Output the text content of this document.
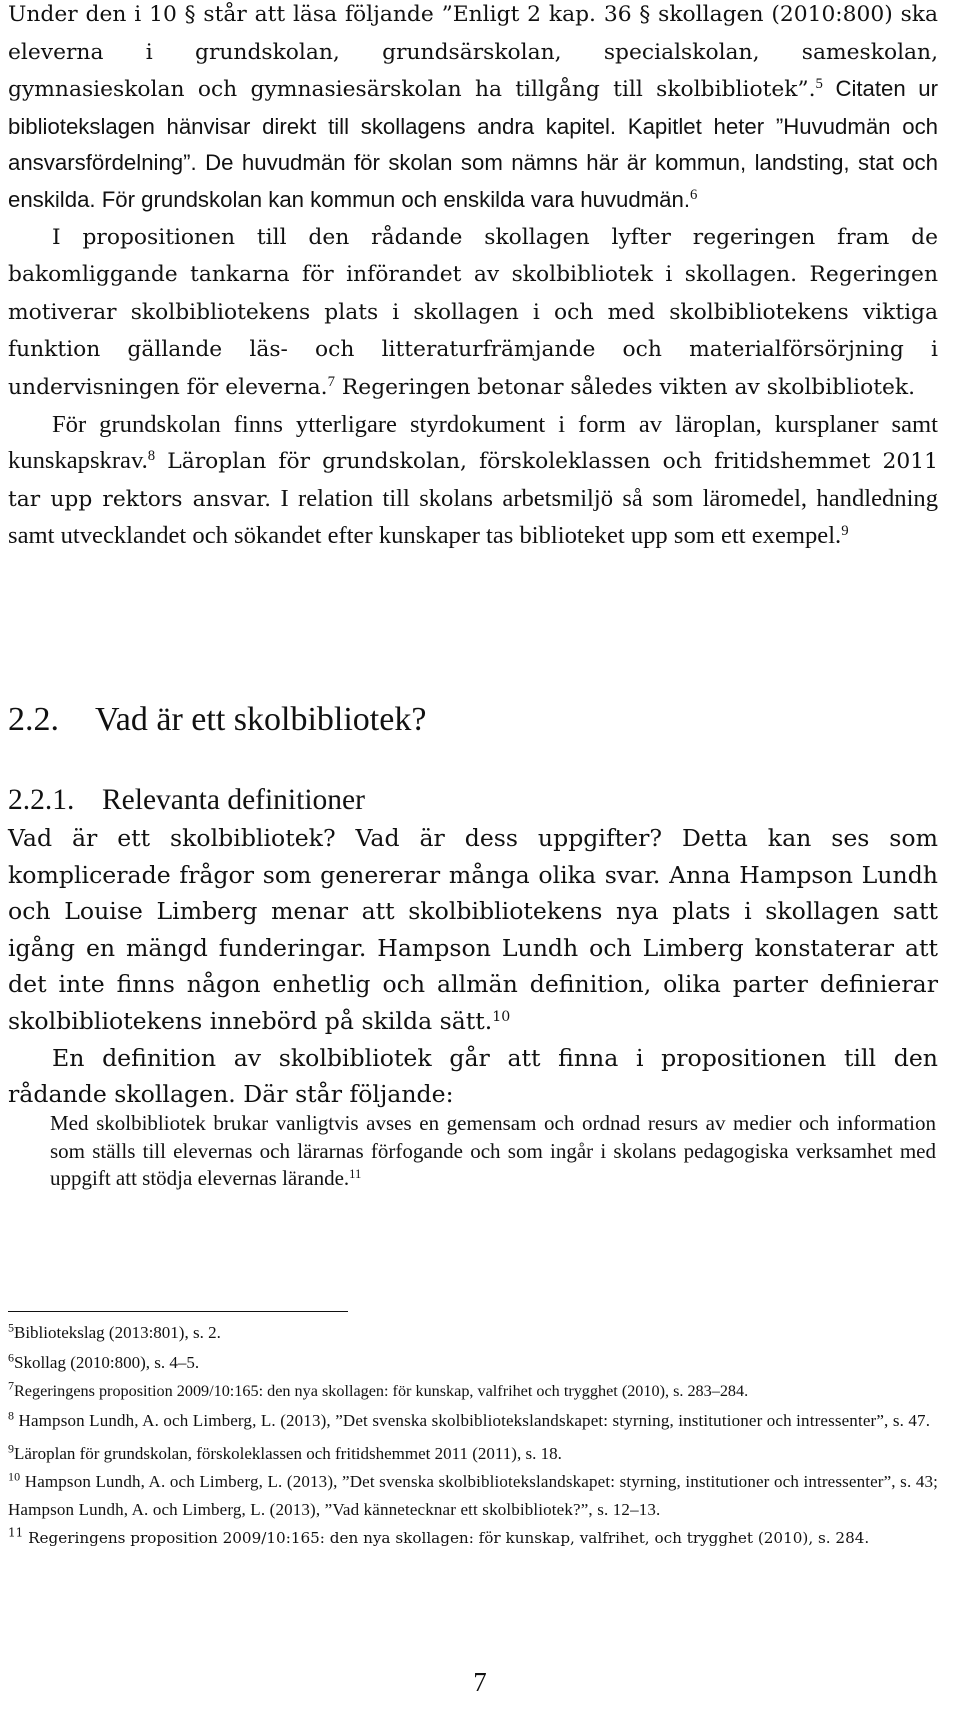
Under den i 10 § står att läsa följande ”Enligt 2 kap. 36 § skollagen (2010:800) ska eleverna i grundskolan, grundsärskolan, specialskolan, sameskolan, gymnasieskolan och gymnasiesärskolan ha tillgång till skolbibliotek”.$^5$ Citaten ur bibliotekslagen hänvisar direkt till skollagens andra kapitel. Kapitlet heter ”Huvudmän och ansvarsfördelning”. De huvudmän för skolan som nämns här är kommun, landsting, stat och enskilda. För grundskolan kan kommun och enskilda vara huvudmän.$^6$

I propositionen till den rådande skollagen lyfter regeringen fram de bakomliggande tankarna för införandet av skolbibliotek i skollagen. Regeringen motiverar skolbibliotekens plats i skollagen i och med skolbibliotekens viktiga funktion gällande läs- och litteraturfrämjande och materialförsörjning i undervisningen för eleverna.$^7$ Regeringen betonar således vikten av skolbibliotek.

För grundskolan finns ytterligare styrdokument i form av läroplan, kursplaner samt kunskapskrav.$^8$ Läroplan för grundskolan, förskoleklassen och fritidshemmet 2011 tar upp rektors ansvar. I relation till skolans arbetsmiljö så som läromedel, handledning samt utvecklandet och sökandet efter kunskaper tas biblioteket upp som ett exempel.$^9$

2.2. Vad är ett skolbibliotek?
2.2.1. Relevanta definitioner

Vad är ett skolbibliotek? Vad är dess uppgifter? Detta kan ses som komplicerade frågor som genererar många olika svar. Anna Hampson Lundh och Louise Limberg menar att skolbibliotekens nya plats i skollagen satt igång en mängd funderingar. Hampson Lundh och Limberg konstaterar att det inte finns någon enhetlig och allmän definition, olika parter definierar skolbibliotekens innebörd på skilda sätt.$^{10}$

En definition av skolbibliotek går att finna i propositionen till den rådande skollagen. Där står följande:

Med skolbibliotek brukar vanligtvis avses en gemensam och ordnad resurs av medier och information som ställs till elevernas och lärarnas förfogande och som ingår i skolans pedagogiska verksamhet med uppgift att stödja elevernas lärande.$^{11}$

$^5$Bibliotekslag (2013:801), s. 2.

$^6$Skollag (2010:800), s. 4–5.

$^7$Regeringens proposition 2009/10:165: den nya skollagen: för kunskap, valfrihet och trygghet (2010), s. 283–284.

$^8$ Hampson Lundh, A. och Limberg, L. (2013), ”Det svenska skolbibliotekslandskapet: styrning, institutioner och intressenter”, s. 47.

$^9$Läroplan för grundskolan, förskoleklassen och fritidshemmet 2011 (2011), s. 18.

$^{10}$ Hampson Lundh, A. och Limberg, L. (2013), ”Det svenska skolbibliotekslandskapet: styrning, institutioner och intressenter”, s. 43; Hampson Lundh, A. och Limberg, L. (2013), ”Vad kännetecknar ett skolbibliotek?”, s. 12–13.

$^{11}$ Regeringens proposition 2009/10:165: den nya skollagen: för kunskap, valfrihet, och trygghet (2010), s. 284.

7
